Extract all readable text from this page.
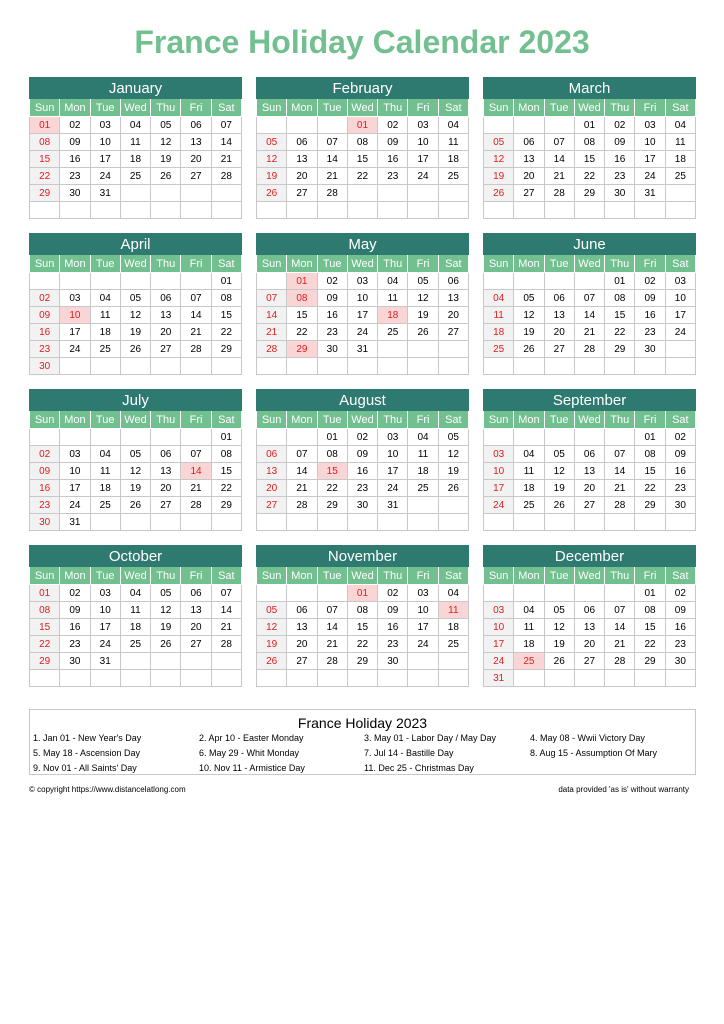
France Holiday Calendar 2023
January
Sun	Mon	Tue	Wed	Thu	Fri	Sat
01	02	03	04	05	06	07
08	09	10	11	12	13	14
15	16	17	18	19	20	21
22	23	24	25	26	27	28
29	30	31				

February
Sun	Mon	Tue	Wed	Thu	Fri	Sat
			01	02	03	04
05	06	07	08	09	10	11
12	13	14	15	16	17	18
19	20	21	22	23	24	25
26	27	28				

March
Sun	Mon	Tue	Wed	Thu	Fri	Sat
			01	02	03	04
05	06	07	08	09	10	11
12	13	14	15	16	17	18
19	20	21	22	23	24	25
26	27	28	29	30	31	

April
Sun	Mon	Tue	Wed	Thu	Fri	Sat
						01
02	03	04	05	06	07	08
09	10	11	12	13	14	15
16	17	18	19	20	21	22
23	24	25	26	27	28	29
30						
May
Sun	Mon	Tue	Wed	Thu	Fri	Sat
	01	02	03	04	05	06
07	08	09	10	11	12	13
14	15	16	17	18	19	20
21	22	23	24	25	26	27
28	29	30	31			

June
Sun	Mon	Tue	Wed	Thu	Fri	Sat
				01	02	03
04	05	06	07	08	09	10
11	12	13	14	15	16	17
18	19	20	21	22	23	24
25	26	27	28	29	30	

July
Sun	Mon	Tue	Wed	Thu	Fri	Sat
						01
02	03	04	05	06	07	08
09	10	11	12	13	14	15
16	17	18	19	20	21	22
23	24	25	26	27	28	29
30	31					
August
Sun	Mon	Tue	Wed	Thu	Fri	Sat
		01	02	03	04	05
06	07	08	09	10	11	12
13	14	15	16	17	18	19
20	21	22	23	24	25	26
27	28	29	30	31		

September
Sun	Mon	Tue	Wed	Thu	Fri	Sat
					01	02
03	04	05	06	07	08	09
10	11	12	13	14	15	16
17	18	19	20	21	22	23
24	25	26	27	28	29	30

October
Sun	Mon	Tue	Wed	Thu	Fri	Sat
01	02	03	04	05	06	07
08	09	10	11	12	13	14
15	16	17	18	19	20	21
22	23	24	25	26	27	28
29	30	31				

November
Sun	Mon	Tue	Wed	Thu	Fri	Sat
			01	02	03	04
05	06	07	08	09	10	11
12	13	14	15	16	17	18
19	20	21	22	23	24	25
26	27	28	29	30		

December
Sun	Mon	Tue	Wed	Thu	Fri	Sat
					01	02
03	04	05	06	07	08	09
10	11	12	13	14	15	16
17	18	19	20	21	22	23
24	25	26	27	28	29	30
31						
France Holiday 2023
1. Jan 01 - New Year's Day	2. Apr 10 - Easter Monday	3. May 01 - Labor Day / May Day	4. May 08 - Wwii Victory Day
5. May 18 - Ascension Day	6. May 29 - Whit Monday	7. Jul 14 - Bastille Day	8. Aug 15 - Assumption Of Mary
9. Nov 01 - All Saints' Day	10. Nov 11 - Armistice Day	11. Dec 25 - Christmas Day
© copyright https://www.distancelatlong.com	data provided 'as is' without warranty
